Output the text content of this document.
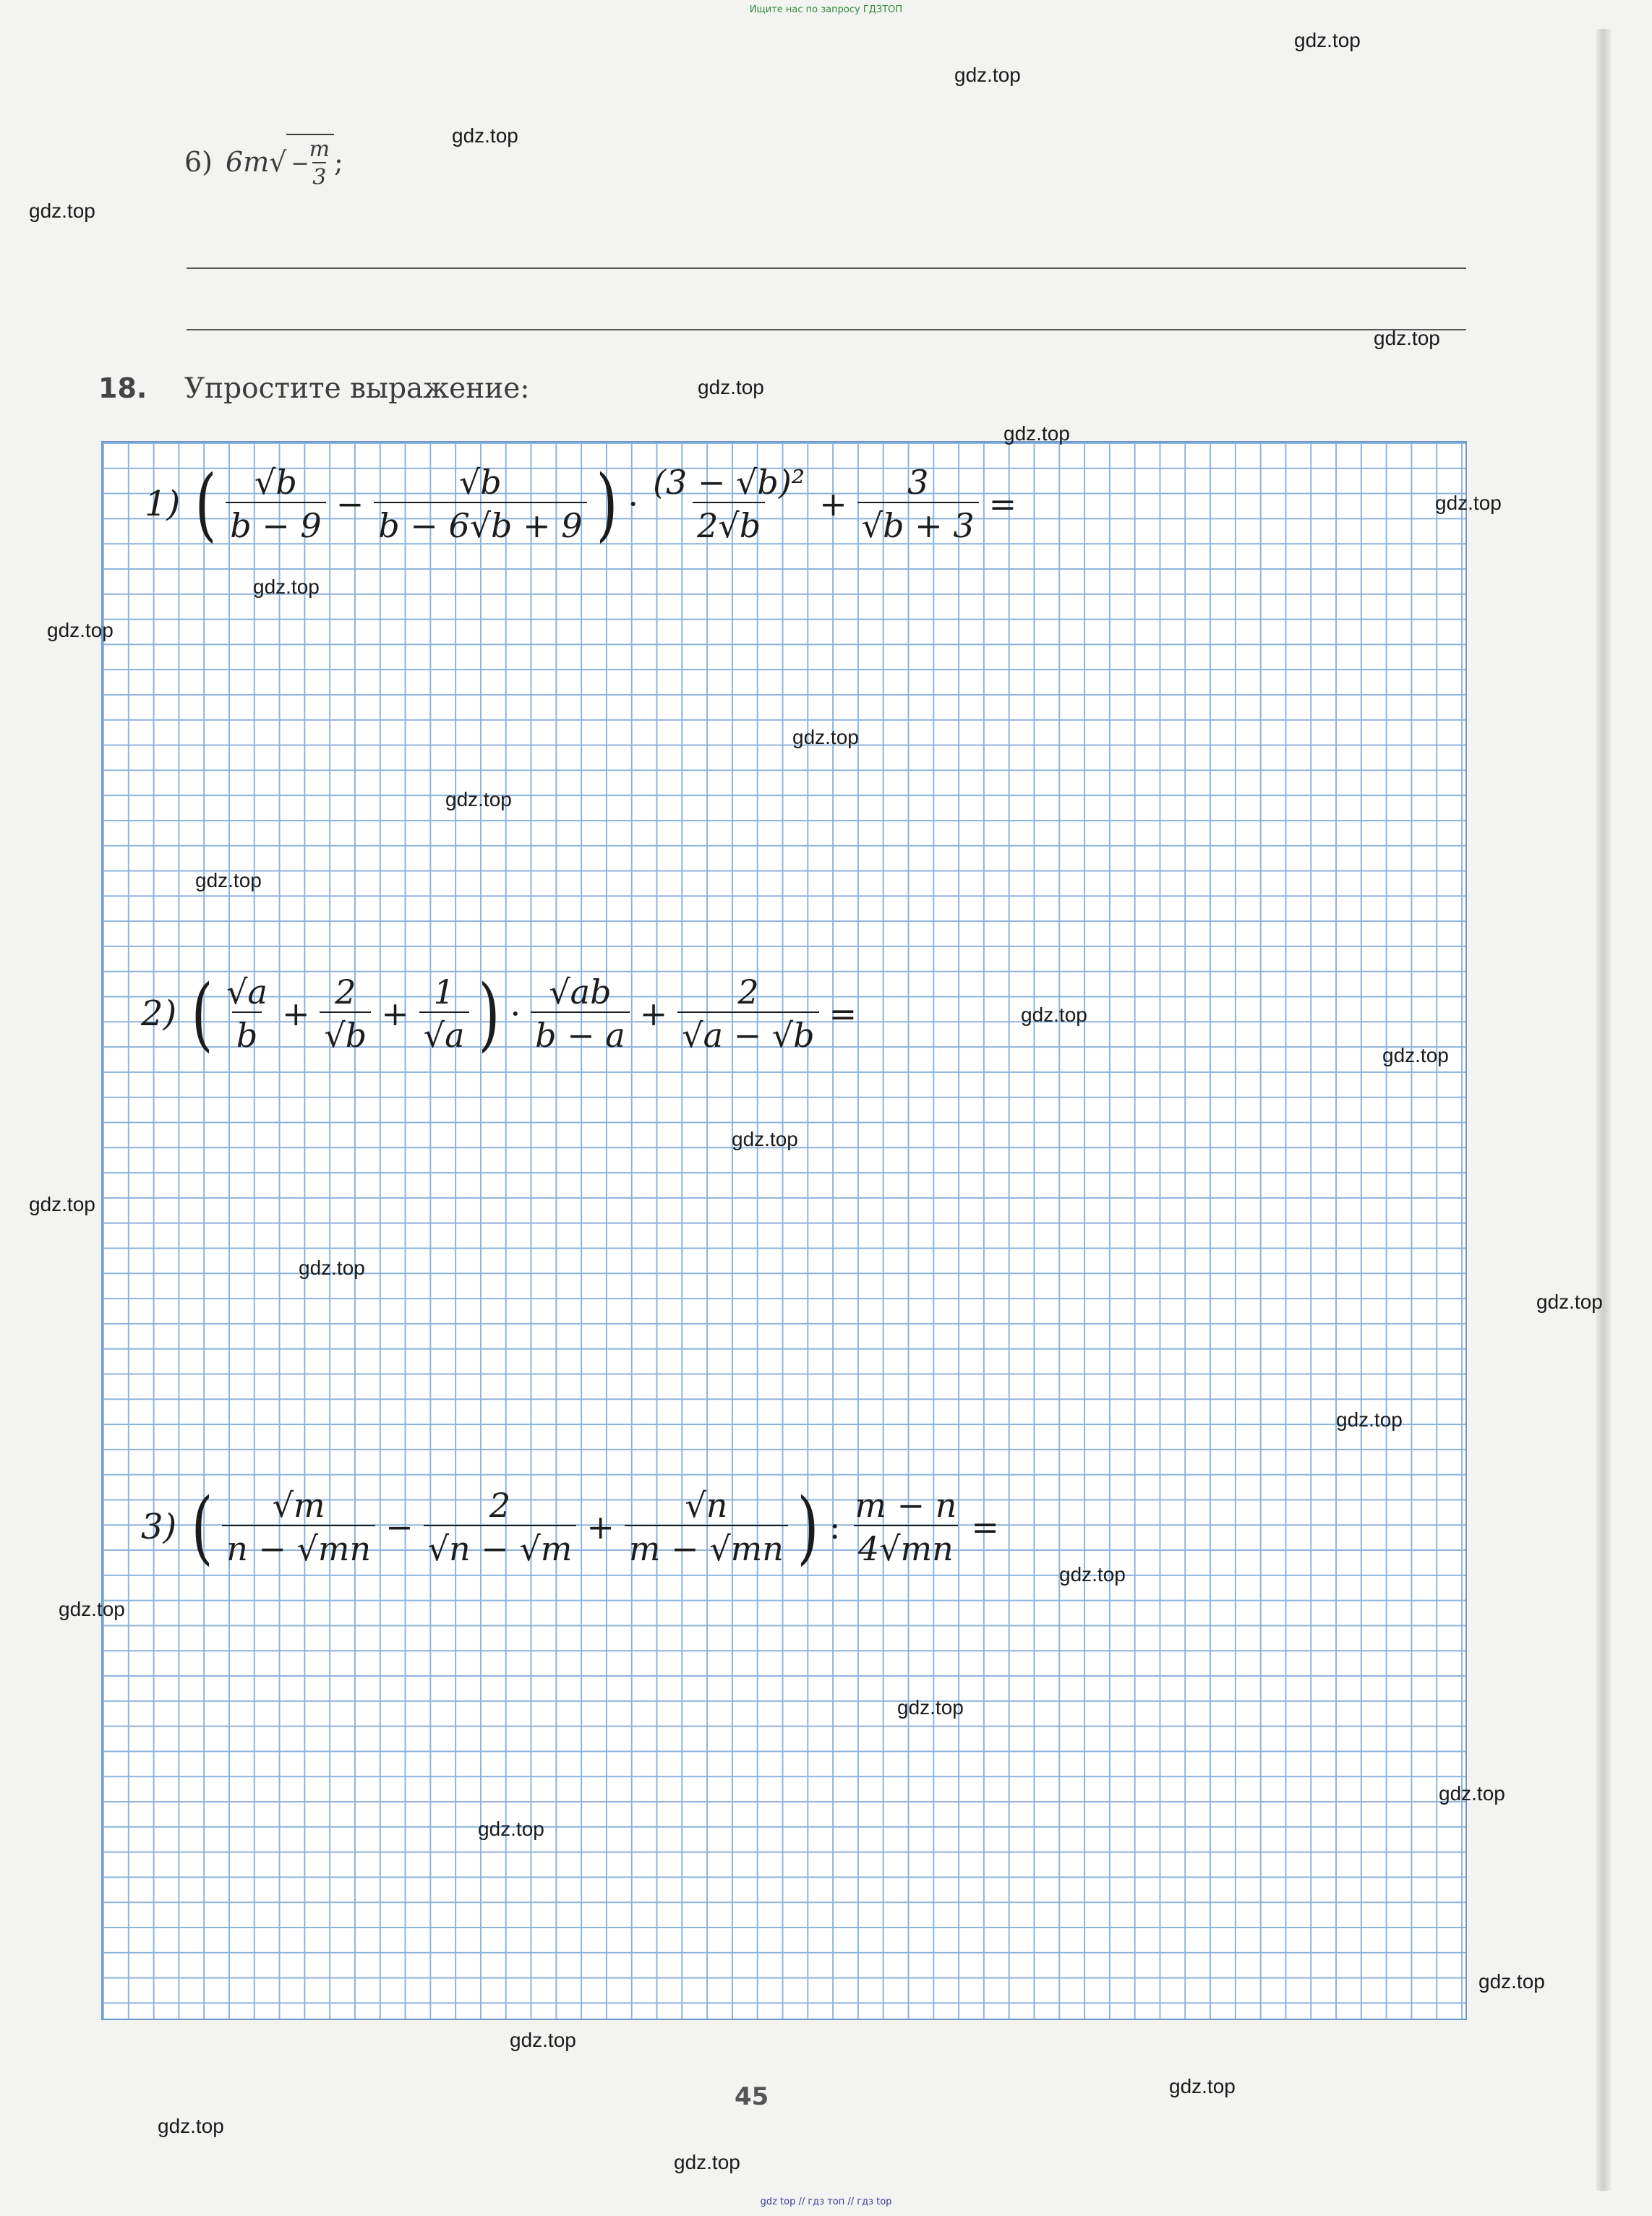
Ищите нас по запросу ГДЗТОП
6) 6m √ − $\frac{m}{3}$ ;
18. Упростите выражение:
1) ( $\frac{√b}{b - 9} - \frac{√b}{b - 6√b + 9}$ ) · $\frac{\text{(3 − √b)²}}{2√b} + \frac{3}{√b + 3}$ =
2) ( $\frac{√a}{b} + \frac{2}{√b} + \frac{1}{√a}$ ) · $\frac{√ab}{b - a} + \frac{2}{√a - √b}$ =
3) ( $\frac{√m}{n - √mn} - \frac{2}{√n - √m} + \frac{√n}{m - √mn}$ ) : $\frac{m - n}{4√mn}$ =
45
gdz.top
gdz.top
gdz.top
gdz.top
gdz.top
gdz.top
gdz.top
gdz.top
gdz.top
gdz.top
gdz.top
gdz.top
gdz.top
gdz.top
gdz.top
gdz.top
gdz.top
gdz.top
gdz.top
gdz.top
gdz.top
gdz.top
gdz.top
gdz.top
gdz.top
gdz.top
gdz.top
gdz.top
gdz.top
gdz.top
gdz top // гдз топ // гдз top
